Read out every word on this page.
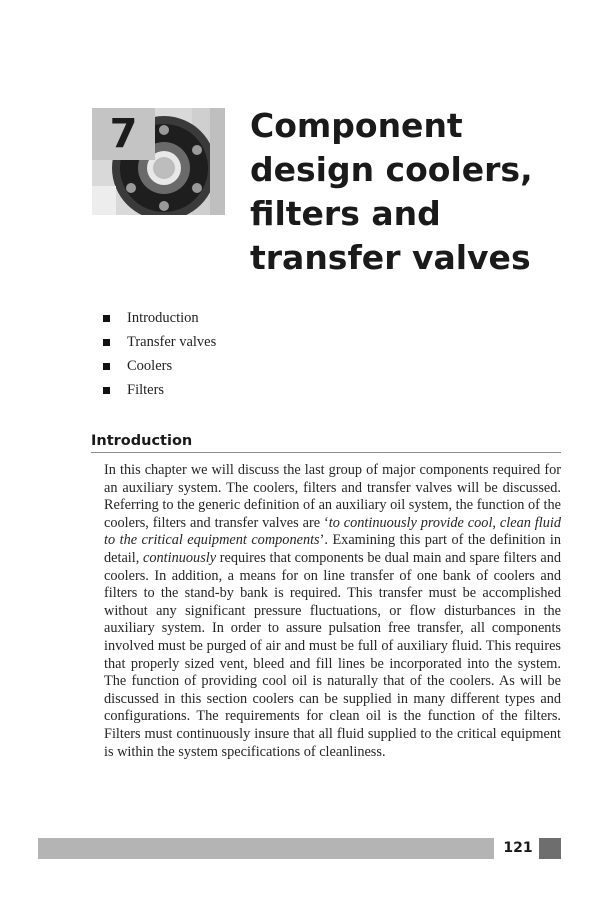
7	Component design coolers, filters and transfer valves
Introduction
Transfer valves
Coolers
Filters
Introduction

In this chapter we will discuss the last group of major components required for an auxiliary system. The coolers, filters and transfer valves will be discussed. Referring to the generic definition of an auxiliary oil system, the function of the coolers, filters and transfer valves are ‘to continuously provide cool, clean fluid to the critical equipment components’. Examining this part of the definition in detail, continuously requires that components be dual main and spare filters and coolers. In addition, a means for on line transfer of one bank of coolers and filters to the stand-by bank is required. This transfer must be accomplished without any significant pressure fluctuations, or flow disturbances in the auxiliary system. In order to assure pulsation free transfer, all components involved must be purged of air and must be full of auxiliary fluid. This requires that properly sized vent, bleed and fill lines be incorporated into the system. The function of providing cool oil is naturally that of the coolers. As will be discussed in this section coolers can be supplied in many different types and configurations. The requirements for clean oil is the function of the filters. Filters must continuously insure that all fluid supplied to the critical equipment is within the system specifications of cleanliness.

121
